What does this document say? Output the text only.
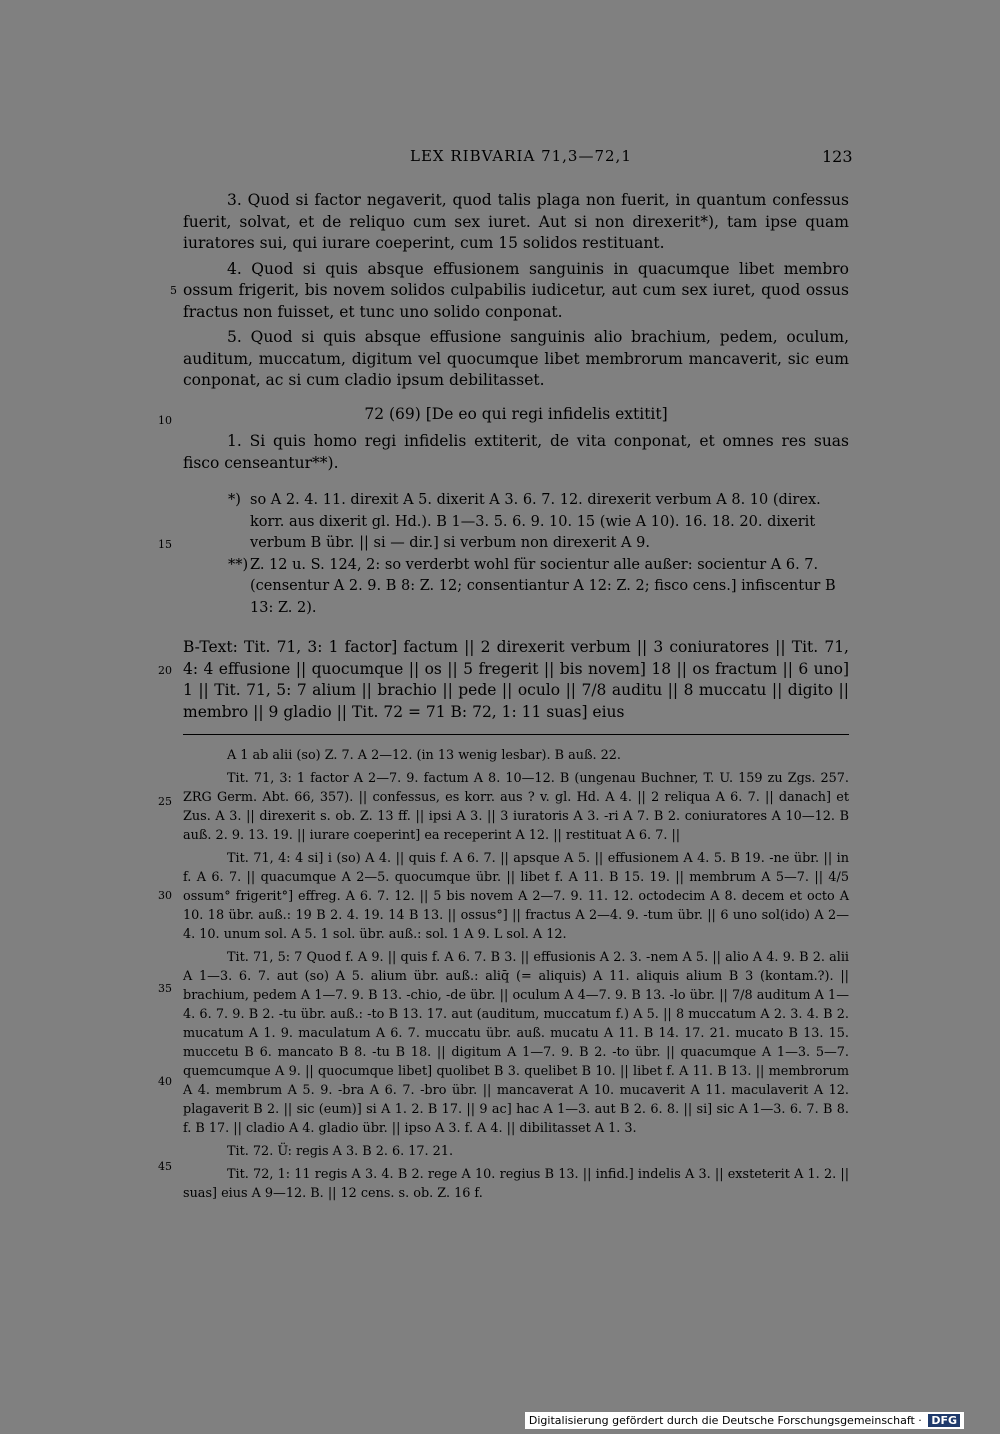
LEX RIBVARIA 71,3—72,1	123

3. Quod si factor negaverit, quod talis plaga non fuerit, in quantum confessus fuerit, solvat, et de reliquo cum sex iuret. Aut si non direxerit*), tam ipse quam iuratores sui, qui iurare coeperint, cum 15 solidos restituant.

4. Quod si quis absque effusionem sanguinis in quacumque libet membro ossum frigerit, bis novem solidos culpabilis iudicetur, aut cum sex iuret, quod ossus fractus non fuisset, et tunc uno solido conponat.

5. Quod si quis absque effusione sanguinis alio brachium, pedem, oculum, auditum, muccatum, digitum vel quocumque libet membrorum mancaverit, sic eum conponat, ac si cum cladio ipsum debilitasset.

72 (69) [De eo qui regi infidelis extitit]

1. Si quis homo regi infidelis extiterit, de vita conponat, et omnes res suas fisco censeantur**).

5
10
15
20
25
30
35
40
45
*) so A 2. 4. 11. direxit A 5. dixerit A 3. 6. 7. 12. direxerit verbum A 8. 10 (direx. korr. aus dixerit gl. Hd.). B 1—3. 5. 6. 9. 10. 15 (wie A 10). 16. 18. 20. dixerit verbum B übr. || si — dir.] si verbum non direxerit A 9.
**) Z. 12 u. S. 124, 2: so verderbt wohl für socientur alle außer: socientur A 6. 7. (censentur A 2. 9. B 8: Z. 12; consentiantur A 12: Z. 2; fisco cens.] infiscentur B 13: Z. 2).
B-Text: Tit. 71, 3: 1 factor] factum || 2 direxerit verbum || 3 coniuratores || Tit. 71, 4: 4 effusione || quocumque || os || 5 fregerit || bis novem] 18 || os fractum || 6 uno] 1 || Tit. 71, 5: 7 alium || brachio || pede || oculo || 7/8 auditu || 8 muccatu || digito || membro || 9 gladio || Tit. 72 = 71 B: 72, 1: 11 suas] eius

A 1 ab alii (so) Z. 7. A 2—12. (in 13 wenig lesbar). B auß. 22.

Tit. 71, 3: 1 factor A 2—7. 9. factum A 8. 10—12. B (ungenau Buchner, T. U. 159 zu Zgs. 257. ZRG Germ. Abt. 66, 357). || confessus, es korr. aus ? v. gl. Hd. A 4. || 2 reliqua A 6. 7. || danach] et Zus. A 3. || direxerit s. ob. Z. 13 ff. || ipsi A 3. || 3 iuratoris A 3. -ri A 7. B 2. coniuratores A 10—12. B auß. 2. 9. 13. 19. || iurare coeperint] ea receperint A 12. || restituat A 6. 7. ||

Tit. 71, 4: 4 si] i (so) A 4. || quis f. A 6. 7. || apsque A 5. || effusionem A 4. 5. B 19. -ne übr. || in f. A 6. 7. || quacumque A 2—5. quocumque übr. || libet f. A 11. B 15. 19. || membrum A 5—7. || 4/5 ossum° frigerit°] effreg. A 6. 7. 12. || 5 bis novem A 2—7. 9. 11. 12. octodecim A 8. decem et octo A 10. 18 übr. auß.: 19 B 2. 4. 19. 14 B 13. || ossus°] || fractus A 2—4. 9. -tum übr. || 6 uno sol(ido) A 2—4. 10. unum sol. A 5. 1 sol. übr. auß.: sol. 1 A 9. L sol. A 12.

Tit. 71, 5: 7 Quod f. A 9. || quis f. A 6. 7. B 3. || effusionis A 2. 3. -nem A 5. || alio A 4. 9. B 2. alii A 1—3. 6. 7. aut (so) A 5. alium übr. auß.: aliq̄ (= aliquis) A 11. aliquis alium B 3 (kontam.?). || brachium, pedem A 1—7. 9. B 13. -chio, -de übr. || oculum A 4—7. 9. B 13. -lo übr. || 7/8 auditum A 1—4. 6. 7. 9. B 2. -tu übr. auß.: -to B 13. 17. aut (auditum, muccatum f.) A 5. || 8 muccatum A 2. 3. 4. B 2. mucatum A 1. 9. maculatum A 6. 7. muccatu übr. auß. mucatu A 11. B 14. 17. 21. mucato B 13. 15. muccetu B 6. mancato B 8. -tu B 18. || digitum A 1—7. 9. B 2. -to übr. || quacumque A 1—3. 5—7. quemcumque A 9. || quocumque libet] quolibet B 3. quelibet B 10. || libet f. A 11. B 13. || membrorum A 4. membrum A 5. 9. -bra A 6. 7. -bro übr. || mancaverat A 10. mucaverit A 11. maculaverit A 12. plagaverit B 2. || sic (eum)] si A 1. 2. B 17. || 9 ac] hac A 1—3. aut B 2. 6. 8. || si] sic A 1—3. 6. 7. B 8. f. B 17. || cladio A 4. gladio übr. || ipso A 3. f. A 4. || dibilitasset A 1. 3.

Tit. 72. Ü: regis A 3. B 2. 6. 17. 21.

Tit. 72, 1: 11 regis A 3. 4. B 2. rege A 10. regius B 13. || infid.] indelis A 3. || exsteterit A 1. 2. || suas] eius A 9—12. B. || 12 cens. s. ob. Z. 16 f.

Digitalisierung gefördert durch die Deutsche Forschungsgemeinschaft · DFG
